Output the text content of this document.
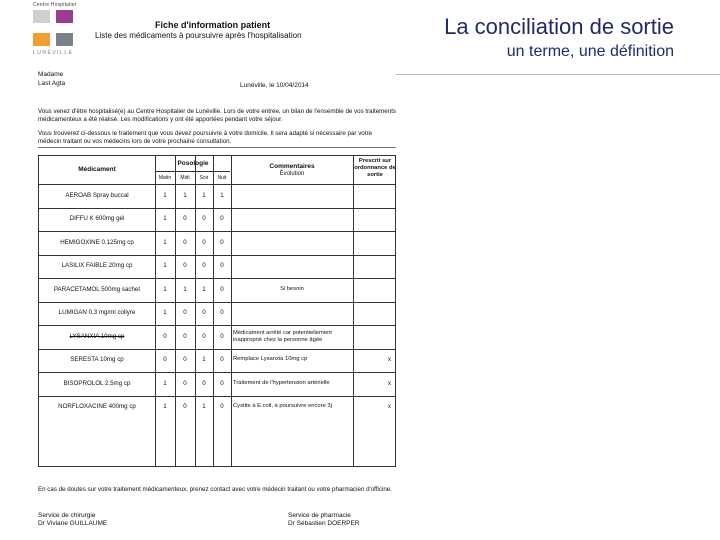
Centre Hospitalier
LUNÉVILLE
Fiche d'information patient
Liste des médicaments à poursuivre après l'hospitalisation	La conciliation de sortie
un terme, une définition
Madame
Last Agta	Lunéville, le 10/04/2014
Vous venez d'être hospitalisé(e) au Centre Hospitalier de Lunéville. Lors de votre entrée, un bilan de l'ensemble de vos traitements médicamenteux a été réalisé. Les modifications y ont été apportées pendant votre séjour.
Vous trouverez ci-dessous le traitement que vous devez poursuivre à votre domicile. Il sera adapté si nécessaire par votre médecin traitant ou vos médecins lors de votre prochaine consultation.
Médicament
Posologie
Matin	Midi	Soir	Nuit
Commentaires
Évolution
Prescrit sur ordonnance de sortie
AEROAB Spray buccal	1	1	1	1
DIFFU K 600mg gél	1	0	0	0
HEMIGOXINE 0.125mg cp	1	0	0	0
LASILIX FAIBLE 20mg cp	1	0	0	0
PARACETAMOL 500mg sachet	1	1	1	0	Si besoin
LUMIGAN 0.3 mg/ml collyre	1	0	0	0
LYSANXIA 10mg cp	0	0	0	0	Médicament arrêté car potentiellement inapproprié chez la personne âgée
SERESTA 10mg cp	0	0	1	0	Remplace Lysanxia 10mg cp	x
BISOPROLOL 2.5mg cp	1	0	0	0	Traitement de l'hypertension artérielle	x
NORFLOXACINE 400mg cp	1	0	1	0	Cystite à E.coli, à poursuivre encore 3j	x
En cas de doutes sur votre traitement médicamenteux, prenez contact avec votre médecin traitant ou votre pharmacien d'officine.
Service de chirurgie
Dr Viviane GUILLAUME
Service de pharmacie
Dr Sébastien DOERPER
